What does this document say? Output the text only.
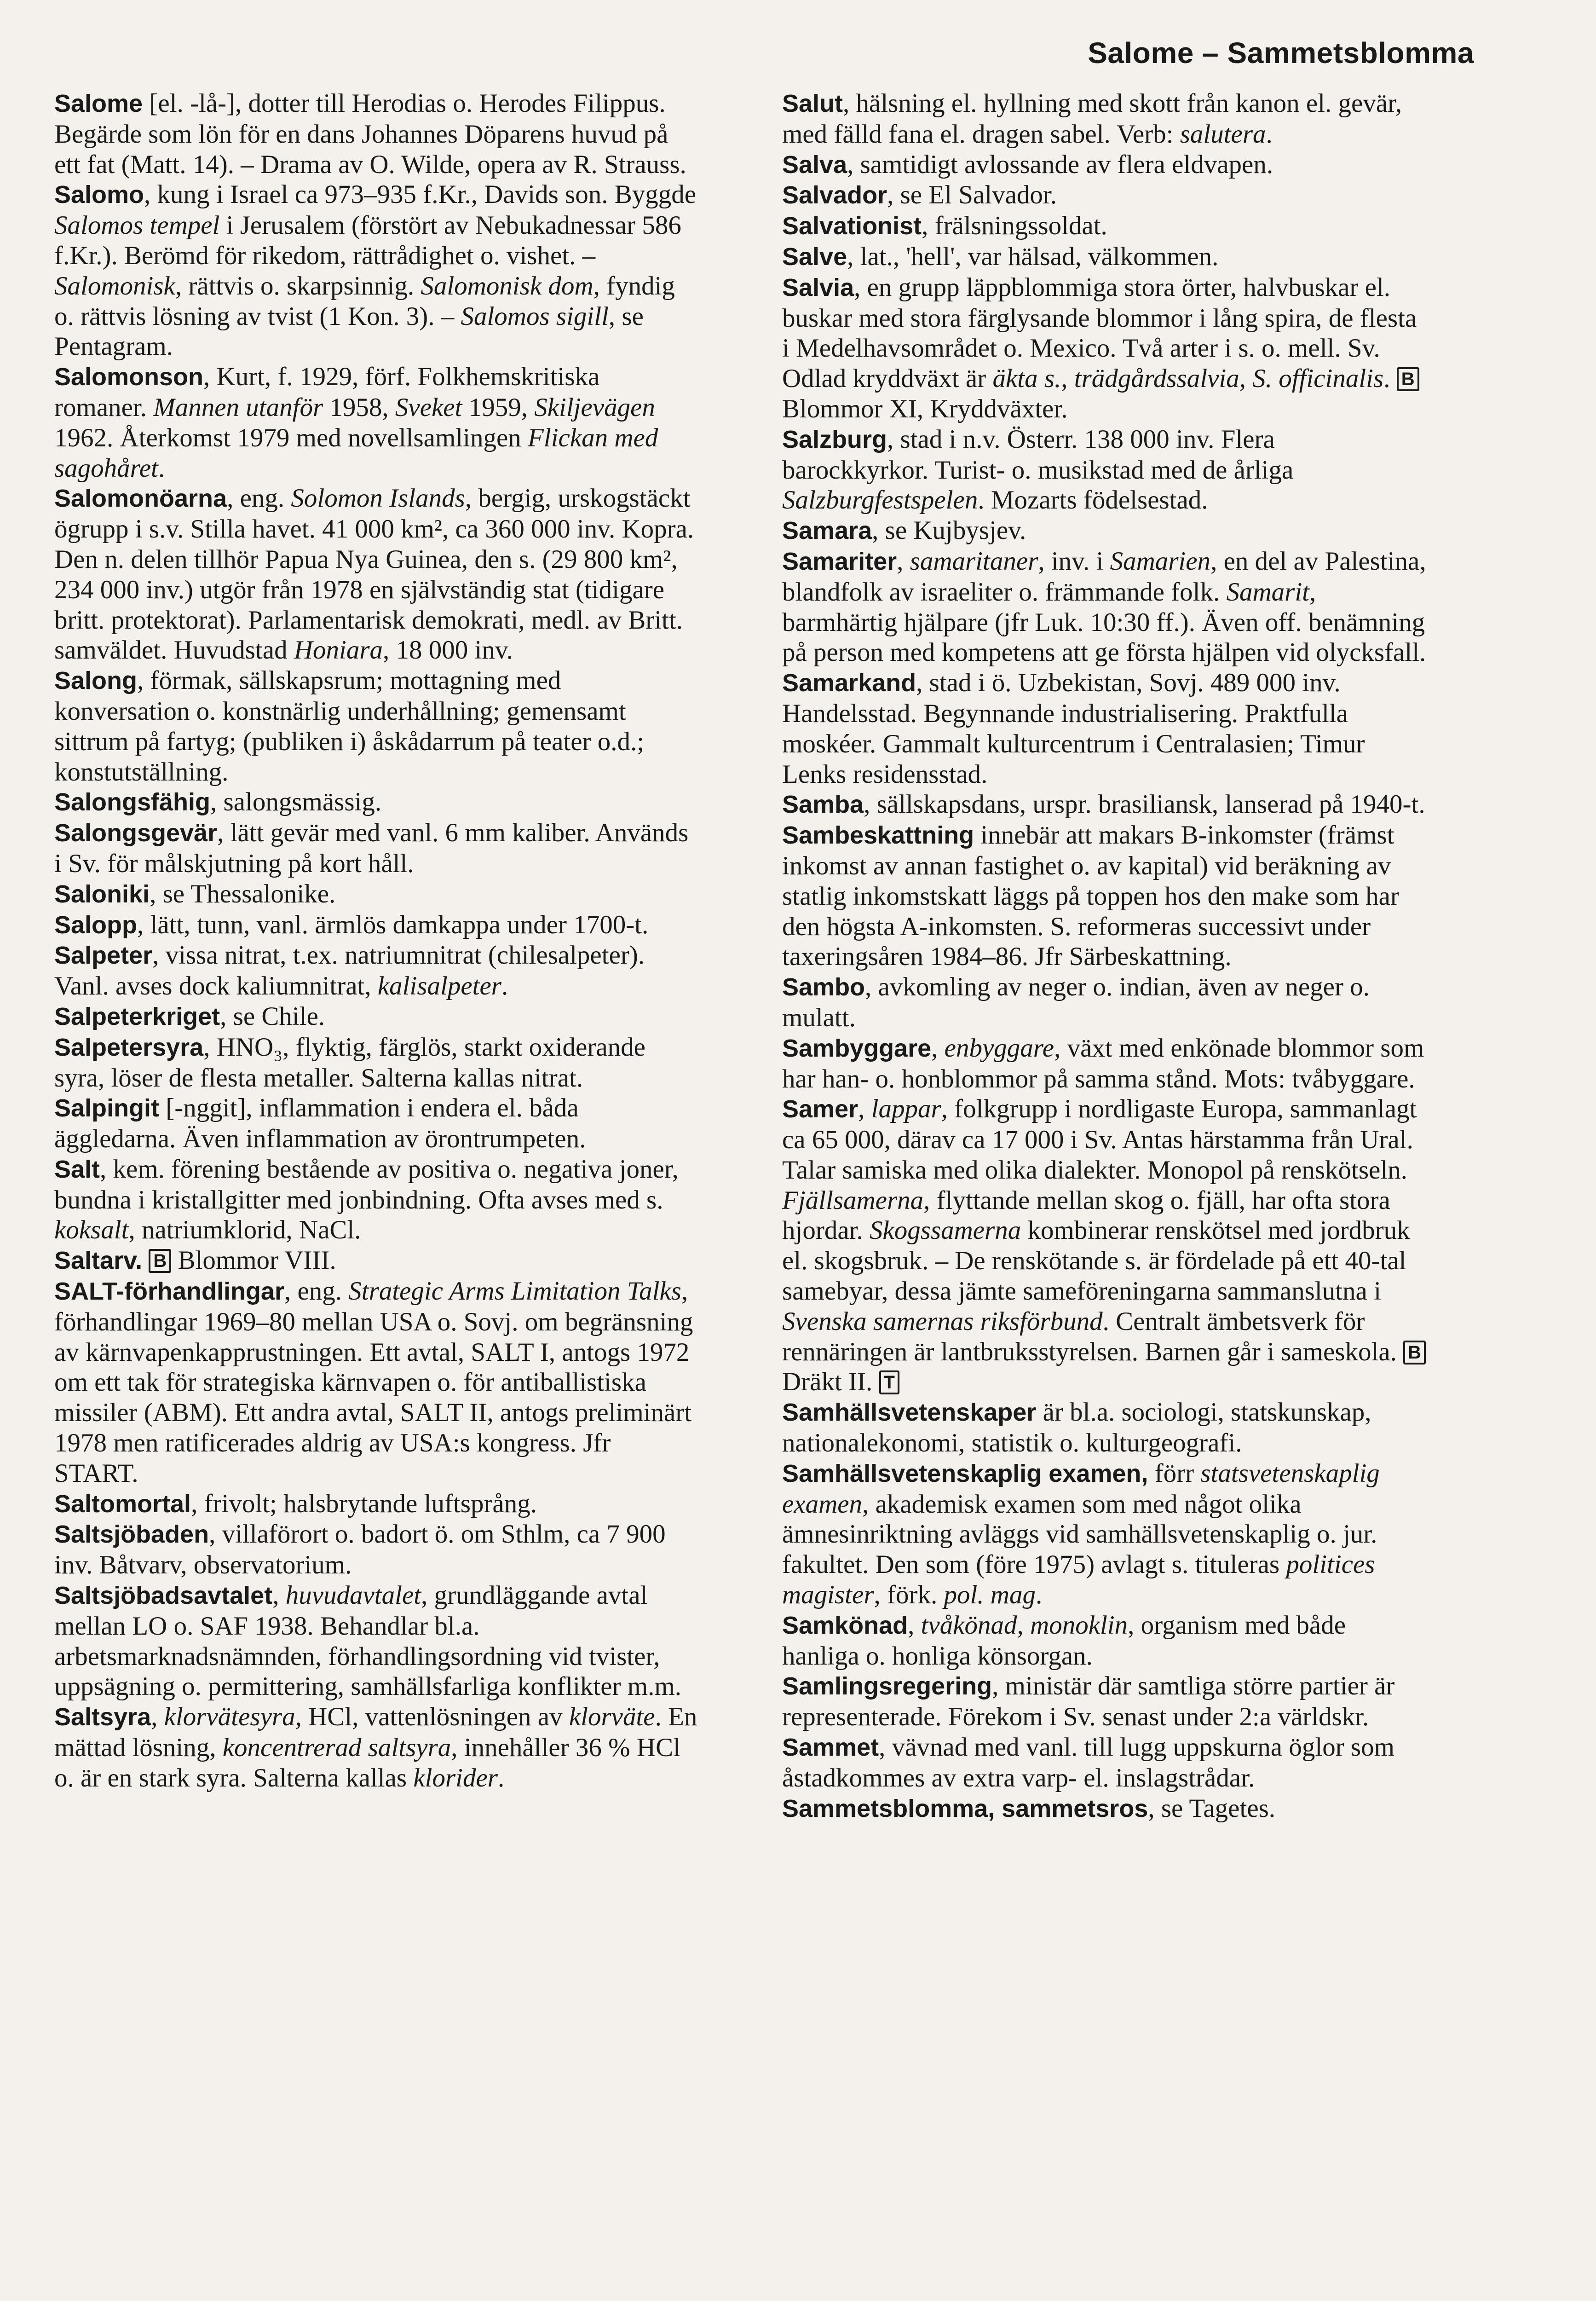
Salome – Sammetsblomma

Salome [el. -lå-], dotter till Herodias o. Herodes Filippus. Begärde som lön för en dans Johannes Döparens huvud på ett fat (Matt. 14). – Drama av O. Wilde, opera av R. Strauss.

Salomo, kung i Israel ca 973–935 f.Kr., Davids son. Byggde Salomos tempel i Jerusalem (förstört av Nebukadnessar 586 f.Kr.). Berömd för rikedom, rättrådighet o. vishet. – Salomonisk, rättvis o. skarpsinnig. Salomonisk dom, fyndig o. rättvis lösning av tvist (1 Kon. 3). – Salomos sigill, se Pentagram.

Salomonson, Kurt, f. 1929, förf. Folkhemskritiska romaner. Mannen utanför 1958, Sveket 1959, Skiljevägen 1962. Återkomst 1979 med novellsamlingen Flickan med sagohåret.

Salomonöarna, eng. Solomon Islands, bergig, urskogstäckt ögrupp i s.v. Stilla havet. 41 000 km², ca 360 000 inv. Kopra. Den n. delen tillhör Papua Nya Guinea, den s. (29 800 km², 234 000 inv.) utgör från 1978 en självständig stat (tidigare britt. protektorat). Parlamentarisk demokrati, medl. av Britt. samväldet. Huvudstad Honiara, 18 000 inv.

Salong, förmak, sällskapsrum; mottagning med konversation o. konstnärlig underhållning; gemensamt sittrum på fartyg; (publiken i) åskådarrum på teater o.d.; konstutställning.

Salongsfähig, salongsmässig.

Salongsgevär, lätt gevär med vanl. 6 mm kaliber. Används i Sv. för målskjutning på kort håll.

Saloniki, se Thessalonike.

Salopp, lätt, tunn, vanl. ärmlös damkappa under 1700-t.

Salpeter, vissa nitrat, t.ex. natriumnitrat (chilesalpeter). Vanl. avses dock kaliumnitrat, kalisalpeter.

Salpeterkriget, se Chile.

Salpetersyra, HNO₃, flyktig, färglös, starkt oxiderande syra, löser de flesta metaller. Salterna kallas nitrat.

Salpingit [-nggit], inflammation i endera el. båda äggledarna. Även inflammation av örontrumpeten.

Salt, kem. förening bestående av positiva o. negativa joner, bundna i kristallgitter med jonbindning. Ofta avses med s. koksalt, natriumklorid, NaCl.

Saltarv. B Blommor VIII.

SALT-förhandlingar, eng. Strategic Arms Limitation Talks, förhandlingar 1969–80 mellan USA o. Sovj. om begränsning av kärnvapenkapprustningen. Ett avtal, SALT I, antogs 1972 om ett tak för strategiska kärnvapen o. för antiballistiska missiler (ABM). Ett andra avtal, SALT II, antogs preliminärt 1978 men ratificerades aldrig av USA:s kongress. Jfr START.

Saltomortal, frivolt; halsbrytande luftsprång.

Saltsjöbaden, villaförort o. badort ö. om Sthlm, ca 7 900 inv. Båtvarv, observatorium.

Saltsjöbadsavtalet, huvudavtalet, grundläggande avtal mellan LO o. SAF 1938. Behandlar bl.a. arbetsmarknadsnämnden, förhandlingsordning vid tvister, uppsägning o. permittering, samhällsfarliga konflikter m.m.

Saltsyra, klorvätesyra, HCl, vattenlösningen av klorväte. En mättad lösning, koncentrerad saltsyra, innehåller 36 % HCl o. är en stark syra. Salterna kallas klorider.

Salut, hälsning el. hyllning med skott från kanon el. gevär, med fälld fana el. dragen sabel. Verb: salutera.

Salva, samtidigt avlossande av flera eldvapen.

Salvador, se El Salvador.

Salvationist, frälsningssoldat.

Salve, lat., 'hell', var hälsad, välkommen.

Salvia, en grupp läppblommiga stora örter, halvbuskar el. buskar med stora färglysande blommor i lång spira, de flesta i Medelhavsområdet o. Mexico. Två arter i s. o. mell. Sv. Odlad kryddväxt är äkta s., trädgårdssalvia, S. officinalis. B Blommor XI, Kryddväxter.

Salzburg, stad i n.v. Österr. 138 000 inv. Flera barockkyrkor. Turist- o. musikstad med de årliga Salzburgfestspelen. Mozarts födelsestad.

Samara, se Kujbysjev.

Samariter, samaritaner, inv. i Samarien, en del av Palestina, blandfolk av israeliter o. främmande folk. Samarit, barmhärtig hjälpare (jfr Luk. 10:30 ff.). Även off. benämning på person med kompetens att ge första hjälpen vid olycksfall.

Samarkand, stad i ö. Uzbekistan, Sovj. 489 000 inv. Handelsstad. Begynnande industrialisering. Praktfulla moskéer. Gammalt kulturcentrum i Centralasien; Timur Lenks residensstad.

Samba, sällskapsdans, urspr. brasiliansk, lanserad på 1940-t.

Sambeskattning innebär att makars B-inkomster (främst inkomst av annan fastighet o. av kapital) vid beräkning av statlig inkomstskatt läggs på toppen hos den make som har den högsta A-inkomsten. S. reformeras successivt under taxeringsåren 1984–86. Jfr Särbeskattning.

Sambo, avkomling av neger o. indian, även av neger o. mulatt.

Sambyggare, enbyggare, växt med enkönade blommor som har han- o. honblommor på samma stånd. Mots: tvåbyggare.

Samer, lappar, folkgrupp i nordligaste Europa, sammanlagt ca 65 000, därav ca 17 000 i Sv. Antas härstamma från Ural. Talar samiska med olika dialekter. Monopol på renskötseln. Fjällsamerna, flyttande mellan skog o. fjäll, har ofta stora hjordar. Skogssamerna kombinerar renskötsel med jordbruk el. skogsbruk. – De renskötande s. är fördelade på ett 40-tal samebyar, dessa jämte sameföreningarna sammanslutna i Svenska samernas riksförbund. Centralt ämbetsverk för rennäringen är lantbruksstyrelsen. Barnen går i sameskola. B Dräkt II. T

Samhällsvetenskaper är bl.a. sociologi, statskunskap, nationalekonomi, statistik o. kulturgeografi.

Samhällsvetenskaplig examen, förr statsvetenskaplig examen, akademisk examen som med något olika ämnesinriktning avläggs vid samhällsvetenskaplig o. jur. fakultet. Den som (före 1975) avlagt s. tituleras politices magister, förk. pol. mag.

Samkönad, tvåkönad, monoklin, organism med både hanliga o. honliga könsorgan.

Samlingsregering, ministär där samtliga större partier är representerade. Förekom i Sv. senast under 2:a världskr.

Sammet, vävnad med vanl. till lugg uppskurna öglor som åstadkommes av extra varp- el. inslagstrådar.

Sammetsblomma, sammetsros, se Tagetes.
